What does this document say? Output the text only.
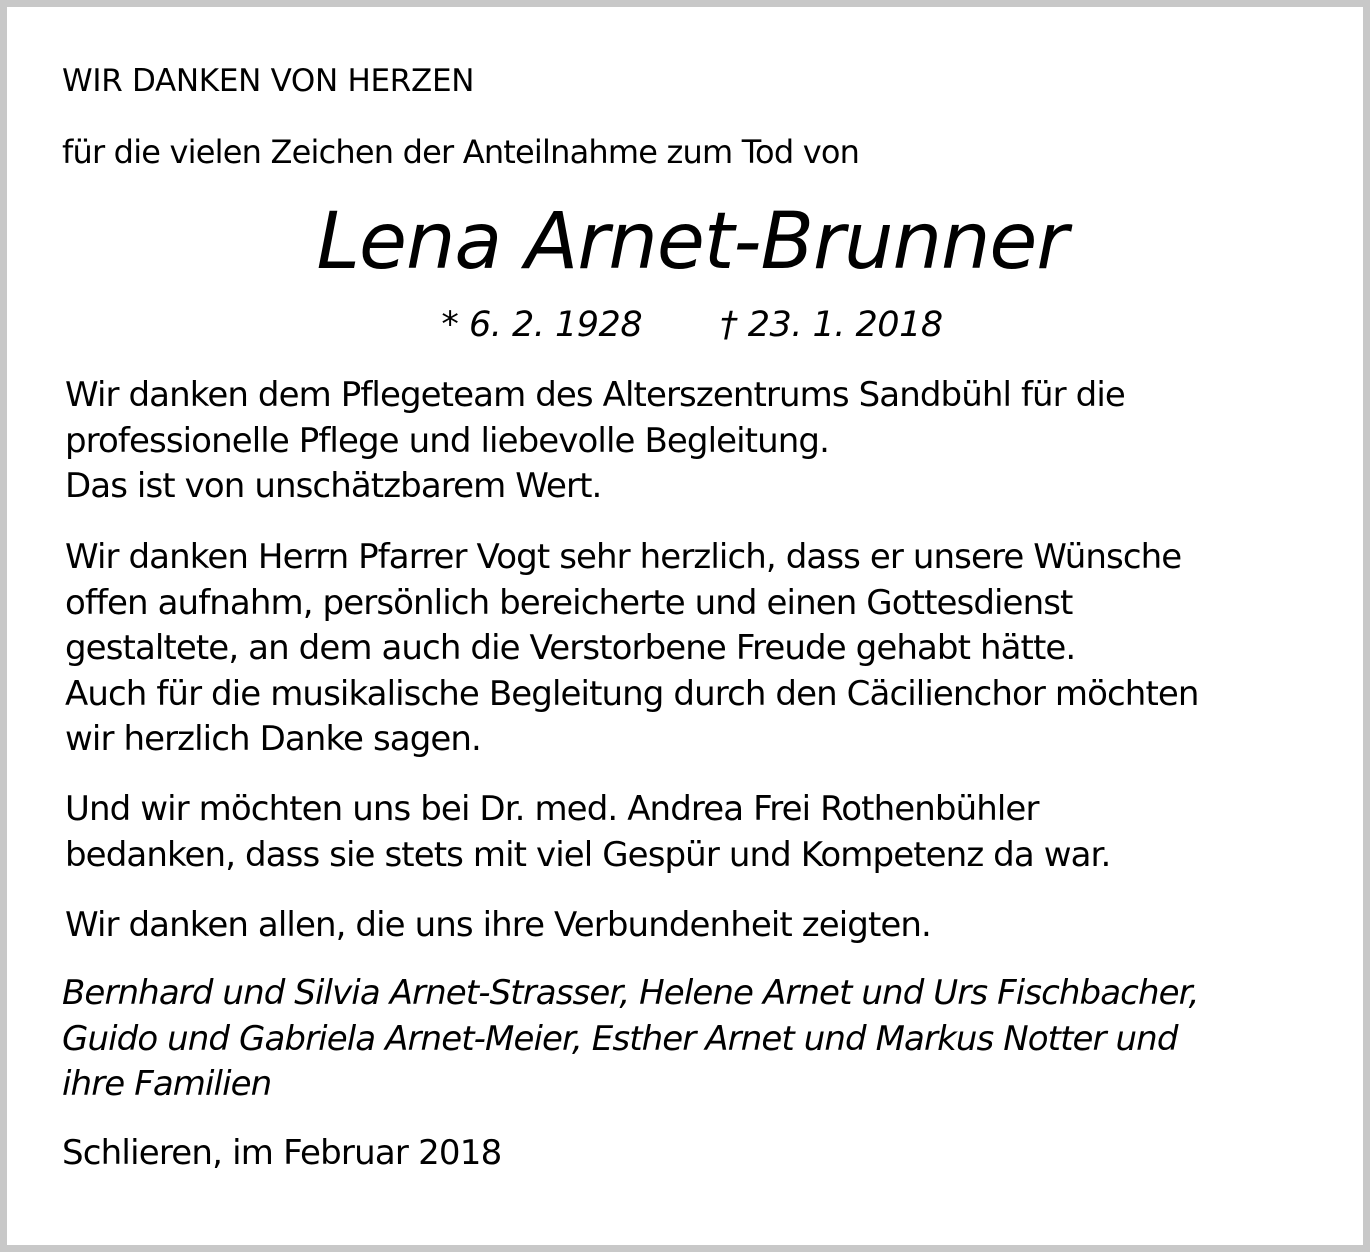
WIR DANKEN VON HERZEN

für die vielen Zeichen der Anteilnahme zum Tod von

Lena Arnet-Brunner

* 6. 2. 1928 † 23. 1. 2018

Wir danken dem Pflegeteam des Alterszentrums Sandbühl für die
professionelle Pflege und liebevolle Begleitung.
Das ist von unschätzbarem Wert.
Wir danken Herrn Pfarrer Vogt sehr herzlich, dass er unsere Wünsche
offen aufnahm, persönlich bereicherte und einen Gottesdienst
gestaltete, an dem auch die Verstorbene Freude gehabt hätte.
Auch für die musikalische Begleitung durch den Cäcilienchor möchten
wir herzlich Danke sagen.
Und wir möchten uns bei Dr. med. Andrea Frei Rothenbühler
bedanken, dass sie stets mit viel Gespür und Kompetenz da war.
Wir danken allen, die uns ihre Verbundenheit zeigten.
Bernhard und Silvia Arnet-Strasser, Helene Arnet und Urs Fischbacher,
Guido und Gabriela Arnet-Meier, Esther Arnet und Markus Notter und
ihre Familien

Schlieren, im Februar 2018
